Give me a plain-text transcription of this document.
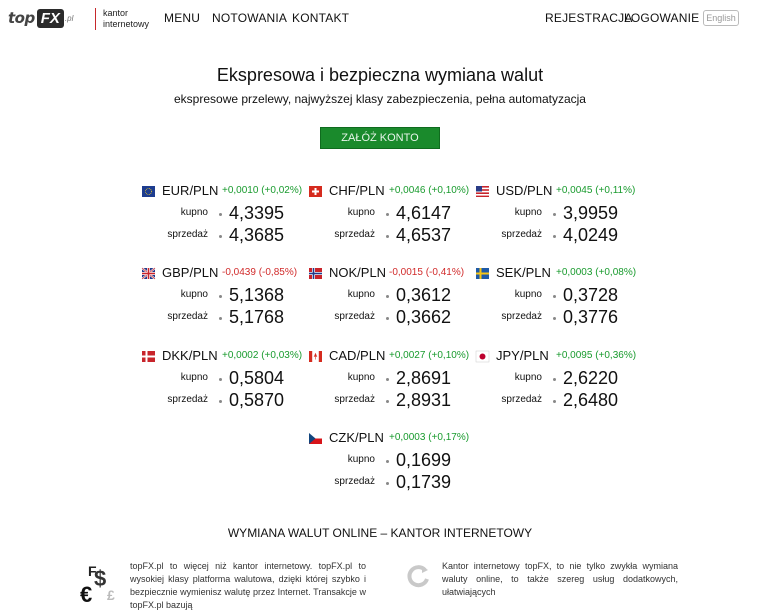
top FX .pl	kantor internetowy	MENU NOTOWANIA KONTAKT	REJESTRACJA
LOGOWANIE English
Ekspresowa i bezpieczna wymiana walut
ekspresowe przelewy, najwyższej klasy zabezpieczenia, pełna automatyzacja
ZAŁÓŻ KONTO
EUR/PLN +0,0010 (+0,02%)
kupno 4,3395
sprzedaż 4,3685
CHF/PLN +0,0046 (+0,10%)
kupno 4,6147
sprzedaż 4,6537
USD/PLN +0,0045 (+0,11%)
kupno 3,9959
sprzedaż 4,0249
GBP/PLN -0,0439 (-0,85%)
kupno 5,1368
sprzedaż 5,1768
NOK/PLN -0,0015 (-0,41%)
kupno 0,3612
sprzedaż 0,3662
SEK/PLN +0,0003 (+0,08%)
kupno 0,3728
sprzedaż 0,3776
DKK/PLN +0,0002 (+0,03%)
kupno 0,5804
sprzedaż 0,5870
CAD/PLN +0,0027 (+0,10%)
kupno 2,8691
sprzedaż 2,8931
JPY/PLN +0,0095 (+0,36%)
kupno 2,6220
sprzedaż 2,6480
CZK/PLN +0,0003 (+0,17%)
kupno 0,1699
sprzedaż 0,1739
WYMIANA WALUT ONLINE – KANTOR INTERNETOWY
F
$
€ £
topFX.pl to więcej niż kantor internetowy. topFX.pl to wysokiej klasy platforma walutowa, dzięki której szybko i bezpiecznie wymienisz walutę przez Internet. Transakcje w topFX.pl bazują
Kantor internetowy topFX, to nie tylko zwykła wymiana waluty online, to także szereg usług dodatkowych, ułatwiających
